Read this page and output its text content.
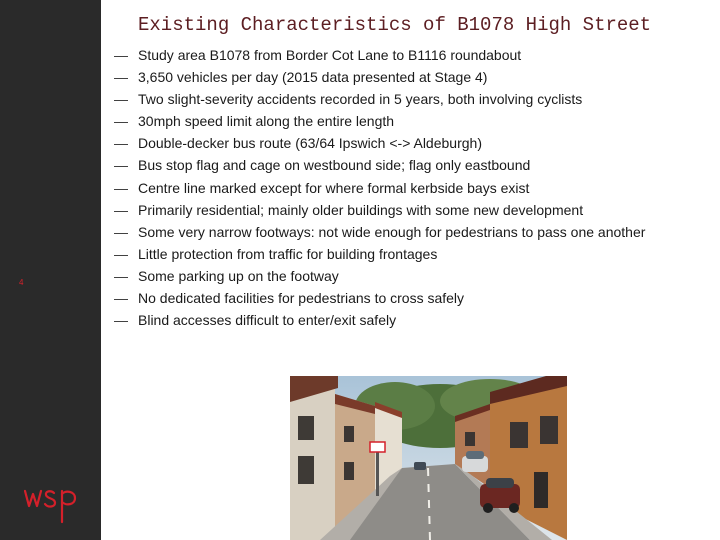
4
Existing Characteristics of B1078 High Street
— Study area B1078 from Border Cot Lane to B1116 roundabout
— 3,650 vehicles per day (2015 data presented at Stage 4)
— Two slight-severity accidents recorded in 5 years, both involving cyclists
— 30mph speed limit along the entire length
— Double-decker bus route (63/64 Ipswich <-> Aldeburgh)
— Bus stop flag and cage on westbound side; flag only eastbound
— Centre line marked except for where formal kerbside bays exist
— Primarily residential; mainly older buildings with some new development
— Some very narrow footways: not wide enough for pedestrians to pass one another
— Little protection from traffic for building frontages
— Some parking up on the footway
— No dedicated facilities for pedestrians to cross safely
— Blind accesses difficult to enter/exit safely
